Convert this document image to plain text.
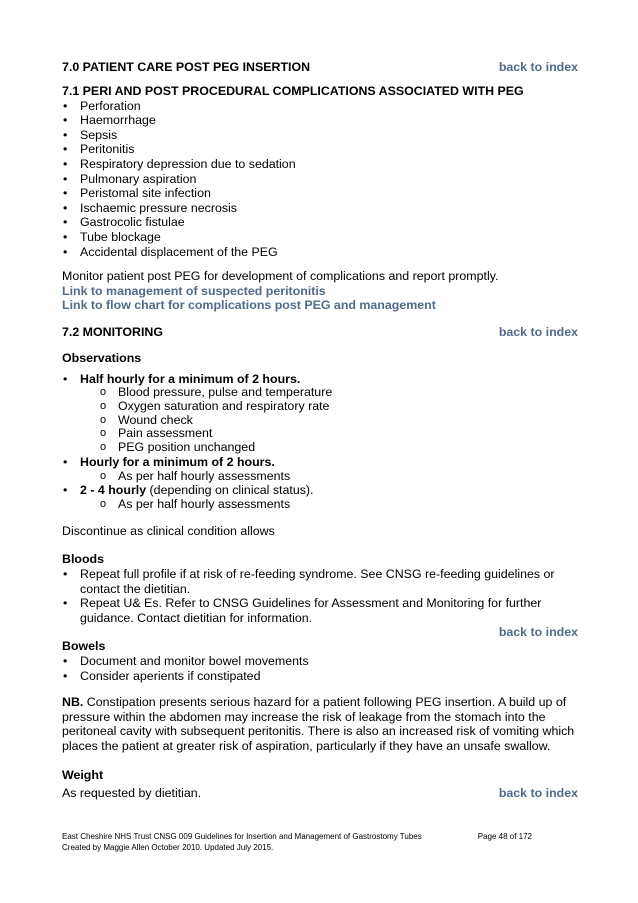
7.0 PATIENT CARE POST PEG INSERTION	back to index

7.1 PERI AND POST PROCEDURAL COMPLICATIONS ASSOCIATED WITH PEG

• Perforation
• Haemorrhage
• Sepsis
• Peritonitis
• Respiratory depression due to sedation
• Pulmonary aspiration
• Peristomal site infection
• Ischaemic pressure necrosis
• Gastrocolic fistulae
• Tube blockage
• Accidental displacement of the PEG

Monitor patient post PEG for development of complications and report promptly.

Link to management of suspected peritonitis

Link to flow chart for complications post PEG and management

7.2 MONITORING	back to index

Observations

• Half hourly for a minimum of 2 hours.
o Blood pressure, pulse and temperature
o Oxygen saturation and respiratory rate
o Wound check
o Pain assessment
o PEG position unchanged
• Hourly for a minimum of 2 hours.
o As per half hourly assessments
• 2 - 4 hourly (depending on clinical status).
o As per half hourly assessments

Discontinue as clinical condition allows

Bloods

• Repeat full profile if at risk of re-feeding syndrome. See CNSG re-feeding guidelines or contact the dietitian.
• Repeat U& Es. Refer to CNSG Guidelines for Assessment and Monitoring for further guidance. Contact dietitian for information.
back to index

Bowels

• Document and monitor bowel movements
• Consider aperients if constipated

NB. Constipation presents serious hazard for a patient following PEG insertion. A build up of pressure within the abdomen may increase the risk of leakage from the stomach into the peritoneal cavity with subsequent peritonitis. There is also an increased risk of vomiting which places the patient at greater risk of aspiration, particularly if they have an unsafe swallow.

Weight

As requested by dietitian.	back to index
East Cheshire NHS Trust CNSG 009 Guidelines for Insertion and Management of Gastrostomy Tubes	Page 48 of 172
Created by Maggie Allen October 2010. Updated July 2015.
